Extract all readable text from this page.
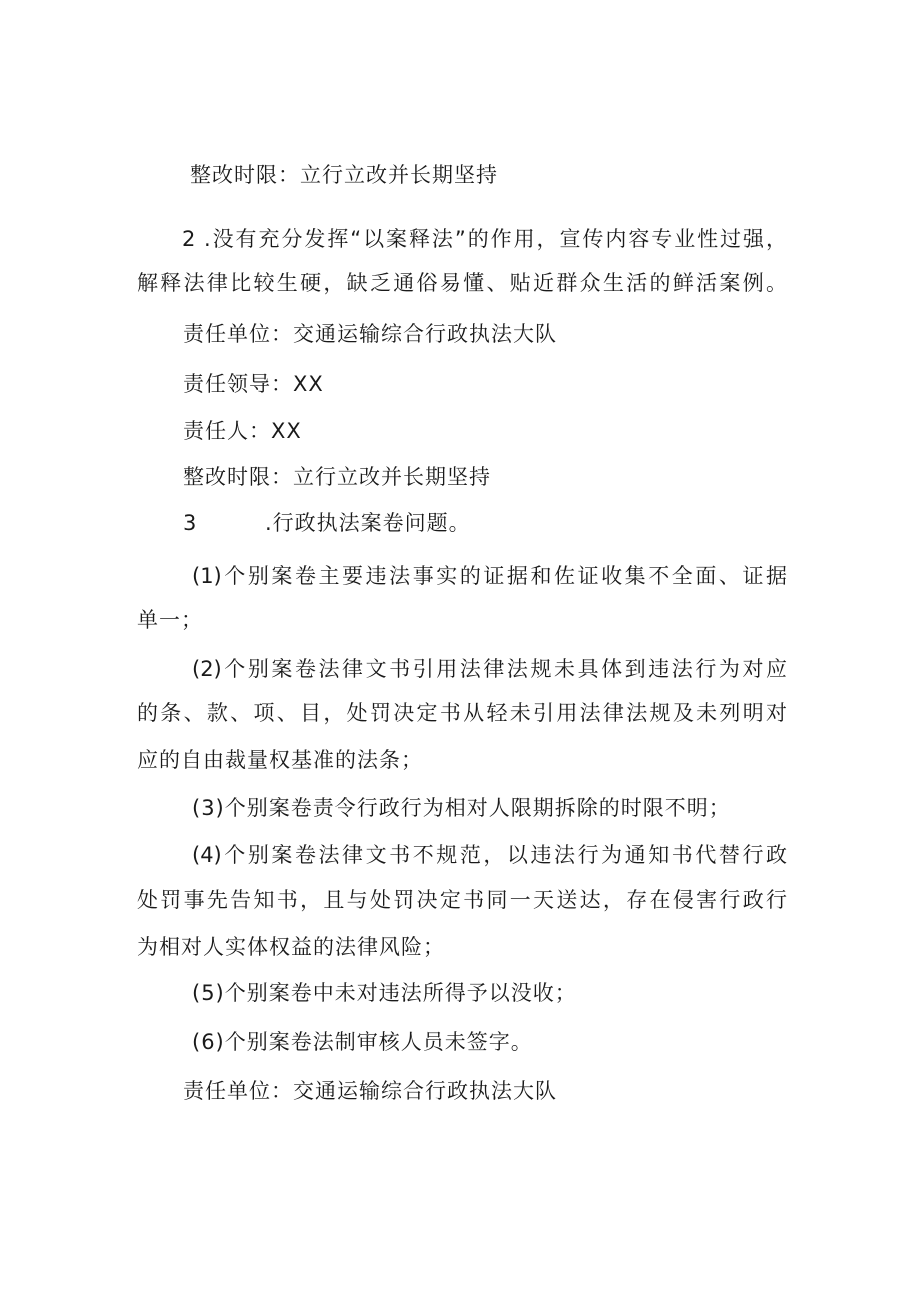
整改时限：立行立改并长期坚持
2 .没有充分发挥“以案释法”的作用，宣传内容专业性过强，
解释法律比较生硬，缺乏通俗易懂、贴近群众生活的鲜活案例。
责任单位：交通运输综合行政执法大队
责任领导：XX
责任人：XX
整改时限：立行立改并长期坚持
3	.行政执法案卷问题。
(1)个别案卷主要违法事实的证据和佐证收集不全面、证据
单一；
(2)个别案卷法律文书引用法律法规未具体到违法行为对应
的条、款、项、目，处罚决定书从轻未引用法律法规及未列明对
应的自由裁量权基准的法条；
(3)个别案卷责令行政行为相对人限期拆除的时限不明；
(4)个别案卷法律文书不规范，以违法行为通知书代替行政
处罚事先告知书，且与处罚决定书同一天送达，存在侵害行政行
为相对人实体权益的法律风险；
(5)个别案卷中未对违法所得予以没收；
(6)个别案卷法制审核人员未签字。
责任单位：交通运输综合行政执法大队
